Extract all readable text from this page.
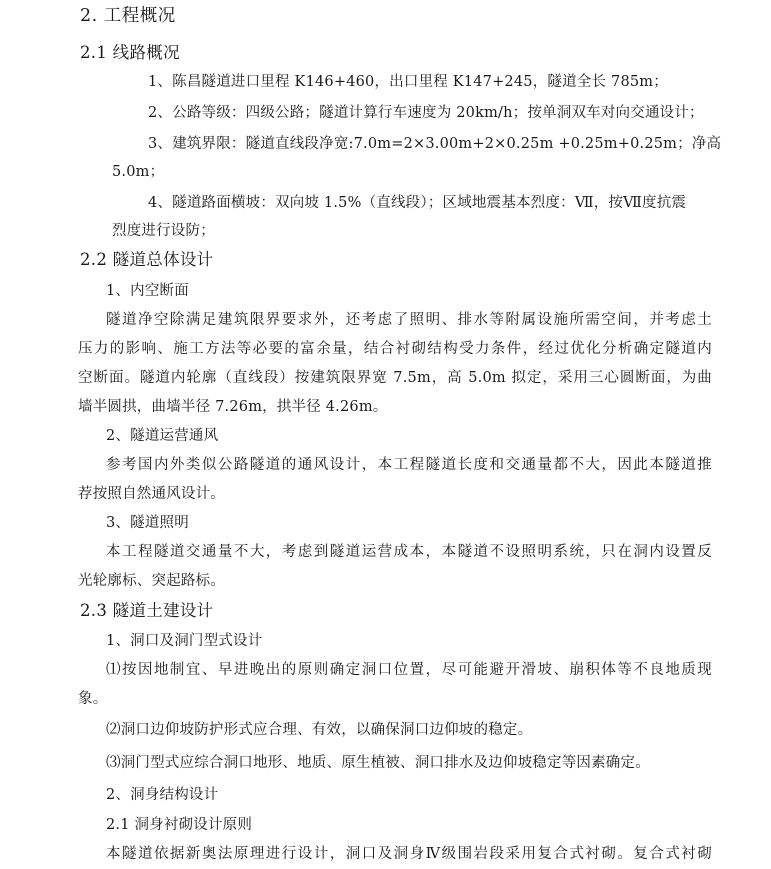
2. 工程概况
2.1 线路概况
1、陈昌隧道进口里程 K146+460，出口里程 K147+245，隧道全长 785m；
2、公路等级：四级公路；隧道计算行车速度为 20km/h；按单洞双车对向交通设计；
3、建筑界限：隧道直线段净宽:7.0m=2×3.00m+2×0.25m +0.25m+0.25m；净高
5.0m；
4、隧道路面横坡：双向坡 1.5%（直线段）；区域地震基本烈度：Ⅶ，按Ⅶ度抗震
烈度进行设防；
2.2 隧道总体设计
1、内空断面
隧道净空除满足建筑限界要求外，还考虑了照明、排水等附属设施所需空间，并考虑土
压力的影响、施工方法等必要的富余量，结合衬砌结构受力条件，经过优化分析确定隧道内
空断面。隧道内轮廓（直线段）按建筑限界宽 7.5m，高 5.0m 拟定，采用三心圆断面，为曲
墙半圆拱，曲墙半径 7.26m，拱半径 4.26m。
2、隧道运营通风
参考国内外类似公路隧道的通风设计，本工程隧道长度和交通量都不大，因此本隧道推
荐按照自然通风设计。
3、隧道照明
本工程隧道交通量不大，考虑到隧道运营成本，本隧道不设照明系统，只在洞内设置反
光轮廓标、突起路标。
2.3 隧道土建设计
1、洞口及洞门型式设计
⑴按因地制宜、早进晚出的原则确定洞口位置，尽可能避开滑坡、崩积体等不良地质现
象。
⑵洞口边仰坡防护形式应合理、有效，以确保洞口边仰坡的稳定。
⑶洞门型式应综合洞口地形、地质、原生植被、洞口排水及边仰坡稳定等因素确定。
2、洞身结构设计
2.1 洞身衬砌设计原则
本隧道依据新奥法原理进行设计，洞口及洞身Ⅳ级围岩段采用复合式衬砌。复合式衬砌
